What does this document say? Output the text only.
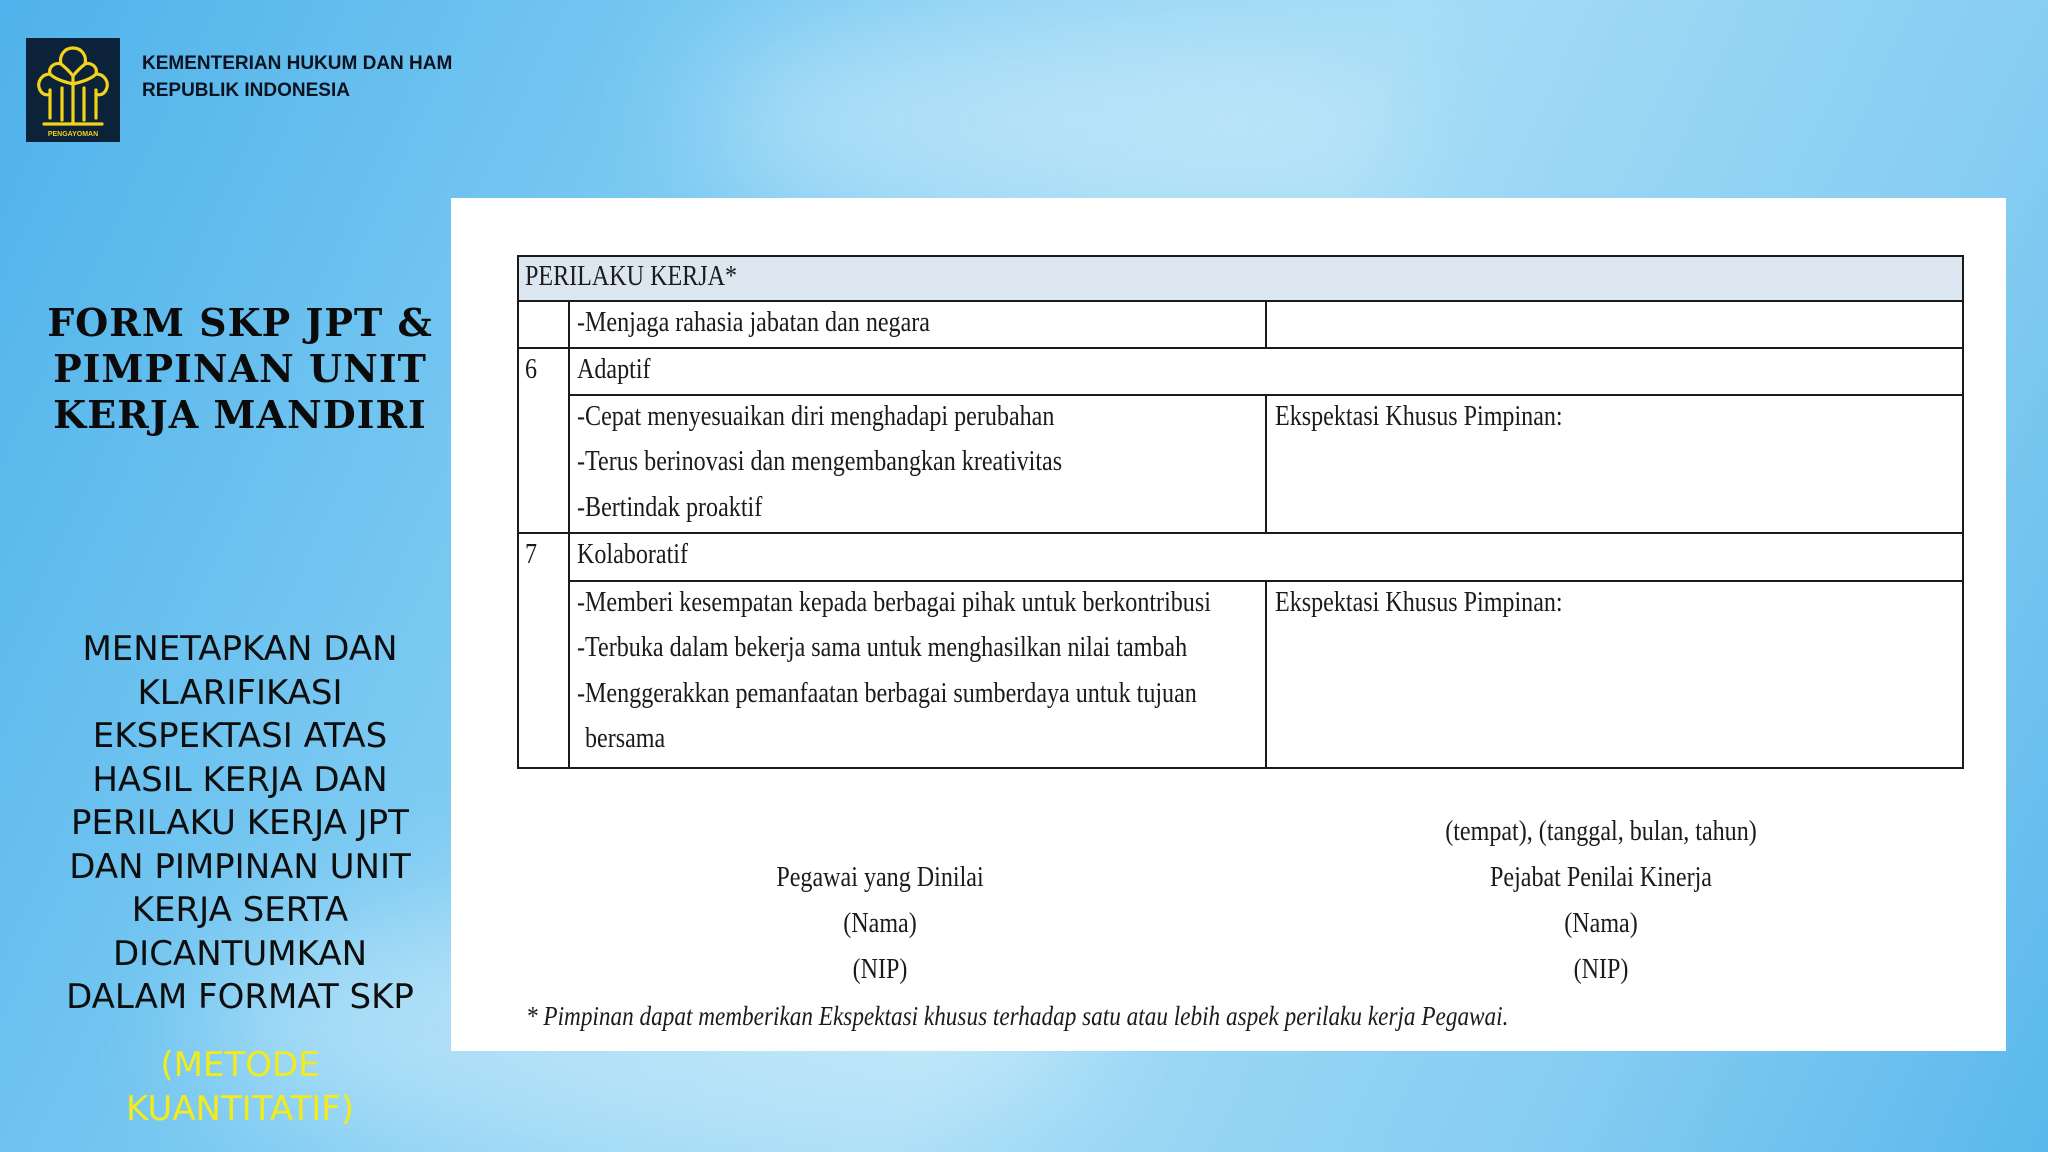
PENGAYOMAN
KEMENTERIAN HUKUM DAN HAM
REPUBLIK INDONESIA
FORM SKP JPT &
PIMPINAN UNIT
KERJA MANDIRI
MENETAPKAN DAN
KLARIFIKASI
EKSPEKTASI ATAS
HASIL KERJA DAN
PERILAKU KERJA JPT
DAN PIMPINAN UNIT
KERJA SERTA
DICANTUMKAN
DALAM FORMAT SKP
(METODE
KUANTITATIF)
PERILAKU KERJA*
-Menjaga rahasia jabatan dan negara
6 Adaptif
-Cepat menyesuaikan diri menghadapi perubahan
-Terus berinovasi dan mengembangkan kreativitas
-Bertindak proaktif
Ekspektasi Khusus Pimpinan:
7 Kolaboratif
-Memberi kesempatan kepada berbagai pihak untuk berkontribusi
-Terbuka dalam bekerja sama untuk menghasilkan nilai tambah
-Menggerakkan pemanfaatan berbagai sumberdaya untuk tujuan
bersama
Ekspektasi Khusus Pimpinan:
(tempat), (tanggal, bulan, tahun)
Pegawai yang Dinilai
(Nama)
(NIP)
Pejabat Penilai Kinerja
(Nama)
(NIP)
* Pimpinan dapat memberikan Ekspektasi khusus terhadap satu atau lebih aspek perilaku kerja Pegawai.
